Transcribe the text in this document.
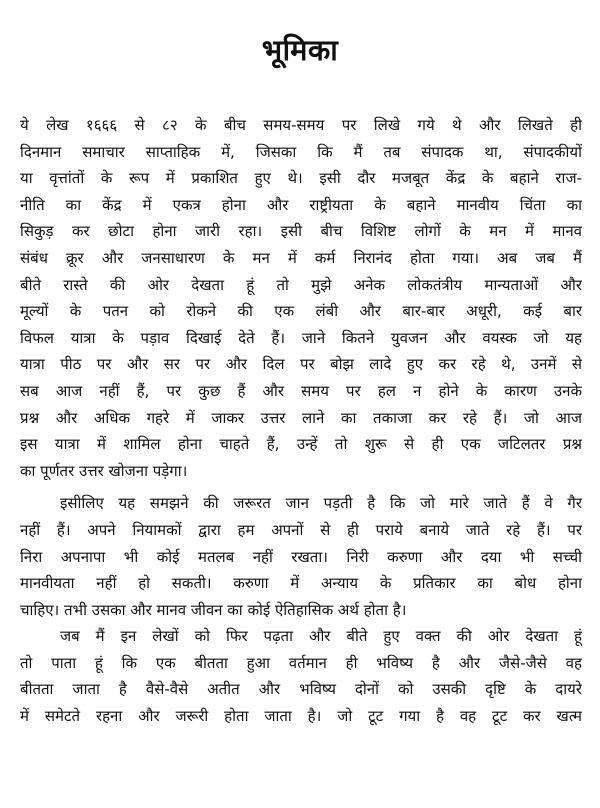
भूमिका
ये लेख १६६६ से ८२ के बीच समय-समय पर लिखे गये थे और लिखते ही
दिनमान समाचार साप्ताहिक में, जिसका कि मैं तब संपादक था, संपादकीयों
या वृत्तांतों के रूप में प्रकाशित हुए थे। इसी दौर मजबूत केंद्र के बहाने राज-
नीति का केंद्र में एकत्र होना और राष्ट्रीयता के बहाने मानवीय चिंता का
सिकुड़ कर छोटा होना जारी रहा। इसी बीच विशिष्ट लोगों के मन में मानव
संबंध क्रूर और जनसाधारण के मन में कर्म निरानंद होता गया। अब जब मैं
बीते रास्ते की ओर देखता हूं तो मुझे अनेक लोकतंत्रीय मान्यताओं और
मूल्यों के पतन को रोकने की एक लंबी और बार-बार अधूरी, कई बार
विफल यात्रा के पड़ाव दिखाई देते हैं। जाने कितने युवजन और वयस्क जो यह
यात्रा पीठ पर और सर पर और दिल पर बोझ लादे हुए कर रहे थे, उनमें से
सब आज नहीं हैं, पर कुछ हैं और समय पर हल न होने के कारण उनके
प्रश्न और अधिक गहरे में जाकर उत्तर लाने का तकाजा कर रहे हैं। जो आज
इस यात्रा में शामिल होना चाहते हैं, उन्हें तो शुरू से ही एक जटिलतर प्रश्न
का पूर्णतर उत्तर खोजना पड़ेगा।
इसीलिए यह समझने की जरूरत जान पड़ती है कि जो मारे जाते हैं वे गैर
नहीं हैं। अपने नियामकों द्वारा हम अपनों से ही पराये बनाये जाते रहे हैं। पर
निरा अपनापा भी कोई मतलब नहीं रखता। निरी करुणा और दया भी सच्ची
मानवीयता नहीं हो सकती। करुणा में अन्याय के प्रतिकार का बोध होना
चाहिए। तभी उसका और मानव जीवन का कोई ऐतिहासिक अर्थ होता है।
जब मैं इन लेखों को फिर पढ़ता और बीते हुए वक्त की ओर देखता हूं
तो पाता हूं कि एक बीतता हुआ वर्तमान ही भविष्य है और जैसे-जैसे वह
बीतता जाता है वैसे-वैसे अतीत और भविष्य दोनों को उसकी दृष्टि के दायरे
में समेटते रहना और जरूरी होता जाता है। जो टूट गया है वह टूट कर खत्म
